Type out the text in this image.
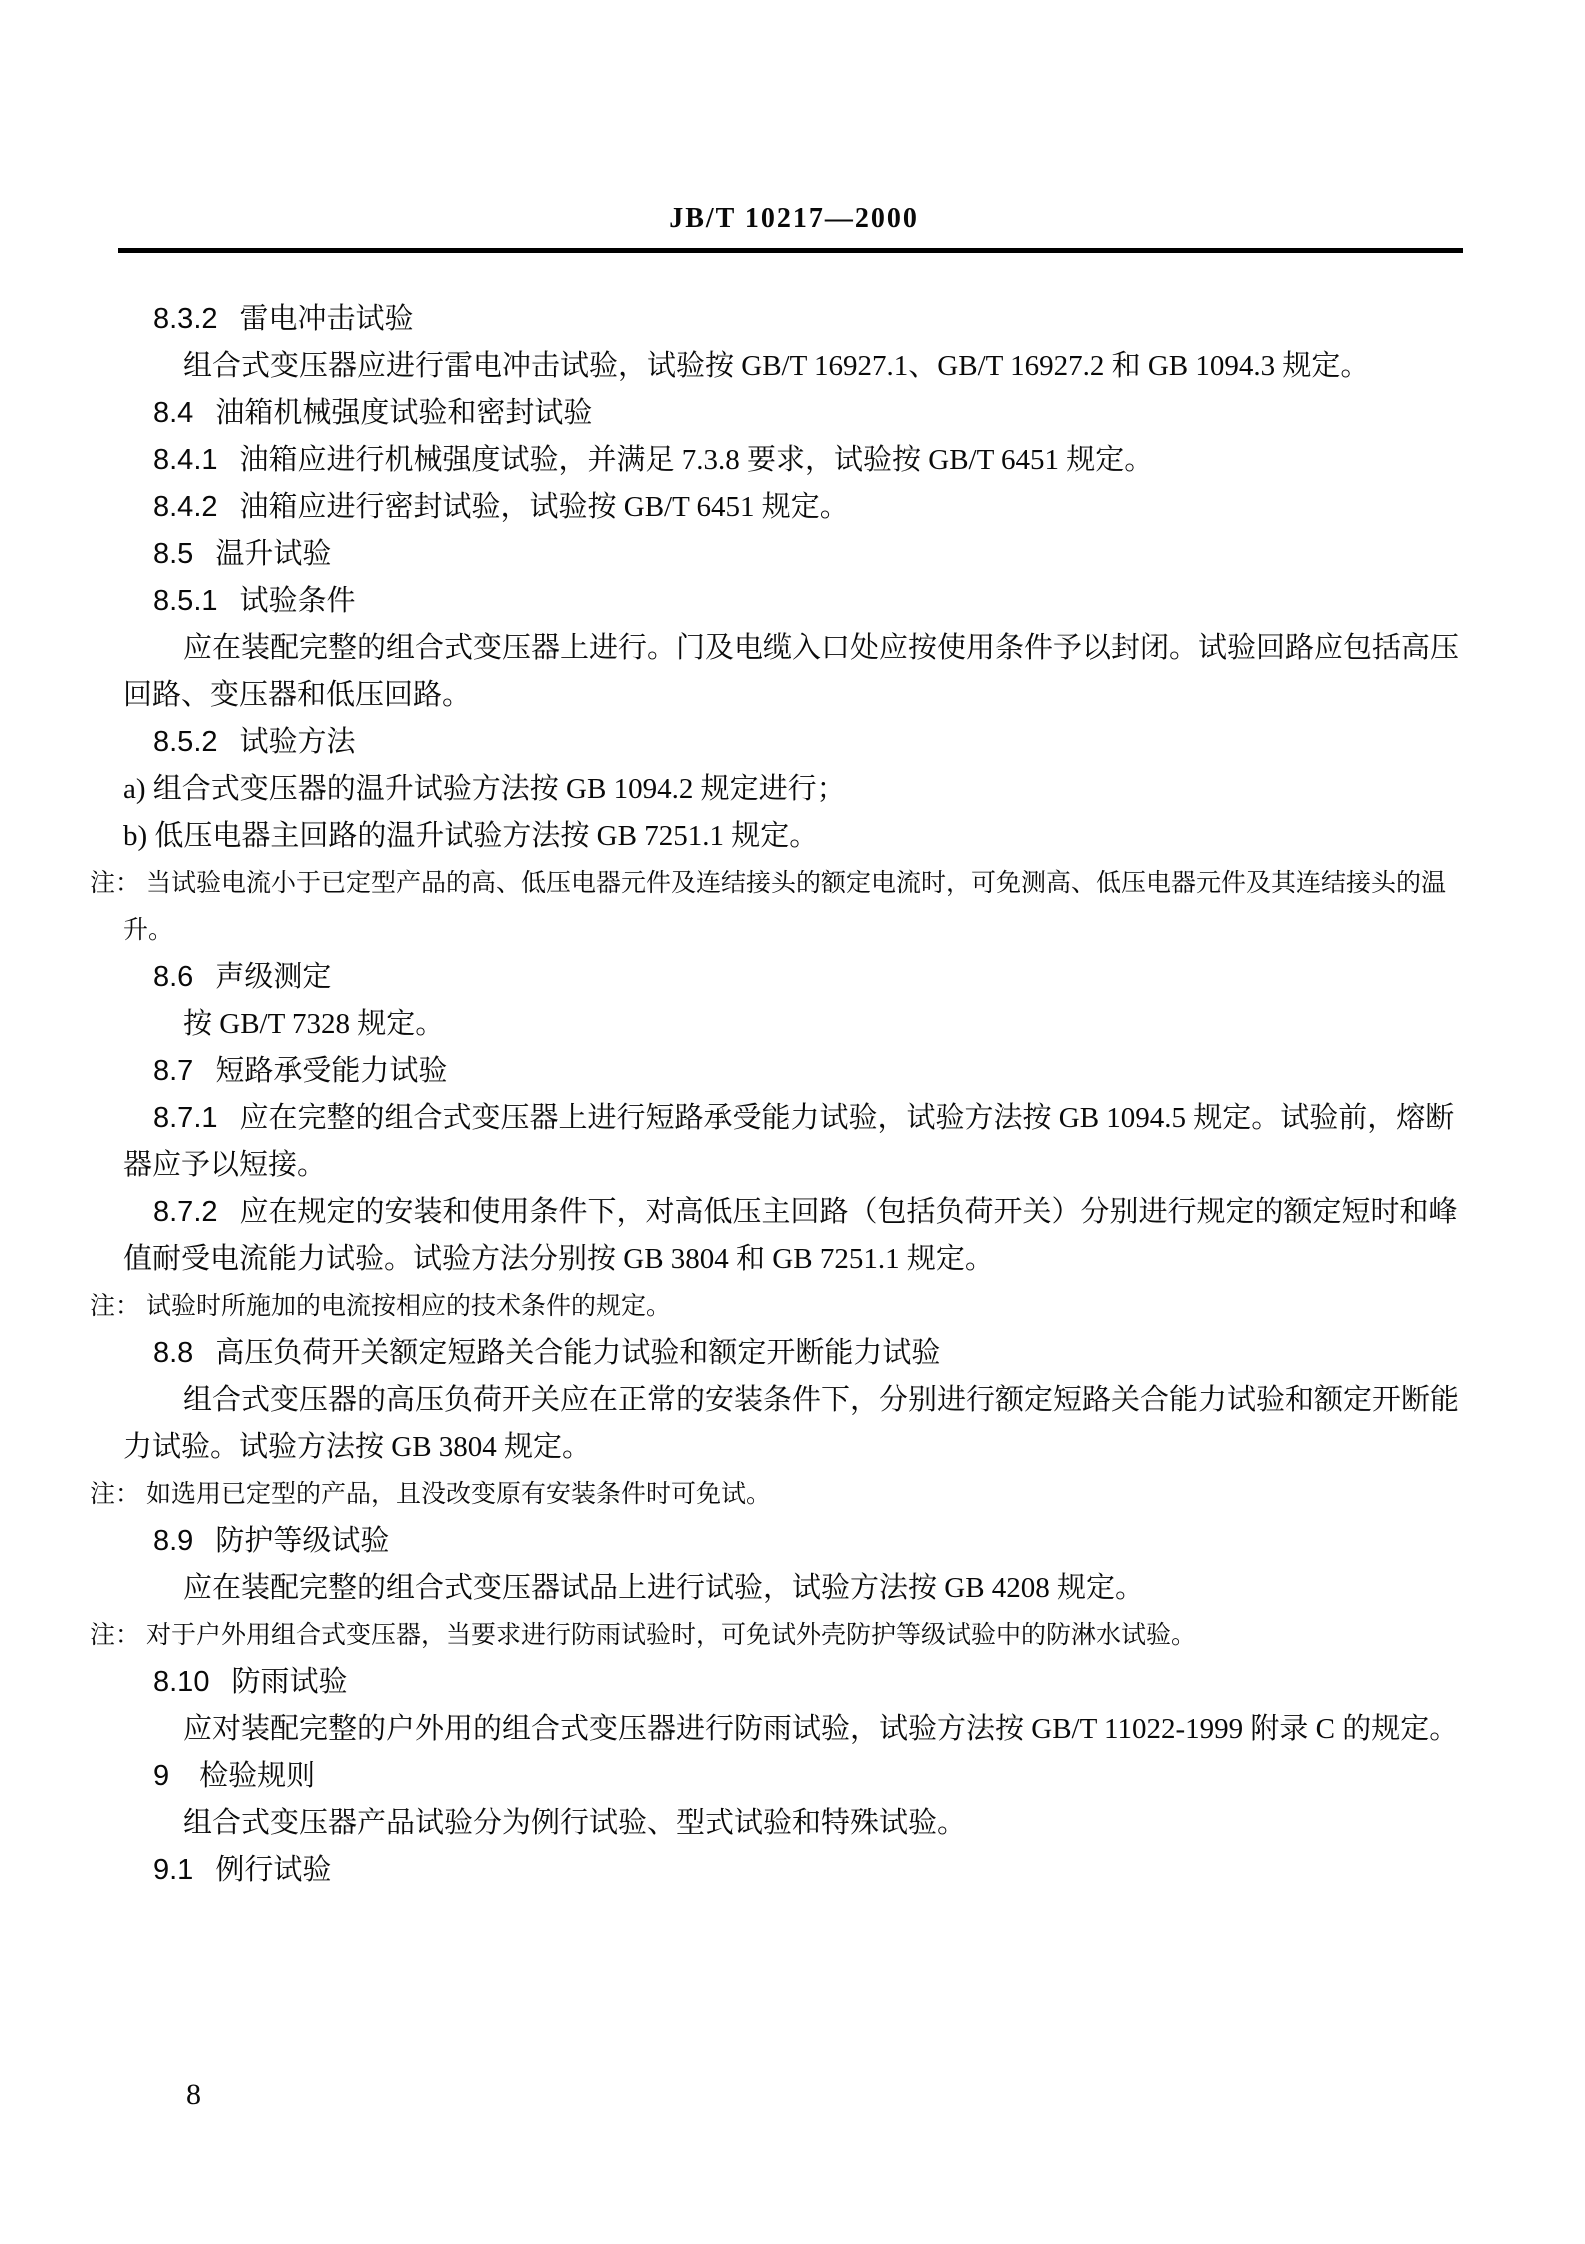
JB/T 10217—2000
8.3.2 雷电冲击试验
组合式变压器应进行雷电冲击试验，试验按 GB/T 16927.1、GB/T 16927.2 和 GB 1094.3 规定。
8.4 油箱机械强度试验和密封试验
8.4.1 油箱应进行机械强度试验，并满足 7.3.8 要求，试验按 GB/T 6451 规定。
8.4.2 油箱应进行密封试验，试验按 GB/T 6451 规定。
8.5 温升试验
8.5.1 试验条件
应在装配完整的组合式变压器上进行。门及电缆入口处应按使用条件予以封闭。试验回路应包括高压回路、变压器和低压回路。
8.5.2 试验方法
a) 组合式变压器的温升试验方法按 GB 1094.2 规定进行；
b) 低压电器主回路的温升试验方法按 GB 7251.1 规定。
注： 当试验电流小于已定型产品的高、低压电器元件及连结接头的额定电流时，可免测高、低压电器元件及其连结接头的温升。
8.6 声级测定
按 GB/T 7328 规定。
8.7 短路承受能力试验
8.7.1 应在完整的组合式变压器上进行短路承受能力试验，试验方法按 GB 1094.5 规定。试验前，熔断器应予以短接。
8.7.2 应在规定的安装和使用条件下，对高低压主回路（包括负荷开关）分别进行规定的额定短时和峰值耐受电流能力试验。试验方法分别按 GB 3804 和 GB 7251.1 规定。
注： 试验时所施加的电流按相应的技术条件的规定。
8.8 高压负荷开关额定短路关合能力试验和额定开断能力试验
组合式变压器的高压负荷开关应在正常的安装条件下，分别进行额定短路关合能力试验和额定开断能力试验。试验方法按 GB 3804 规定。
注： 如选用已定型的产品，且没改变原有安装条件时可免试。
8.9 防护等级试验
应在装配完整的组合式变压器试品上进行试验，试验方法按 GB 4208 规定。
注： 对于户外用组合式变压器，当要求进行防雨试验时，可免试外壳防护等级试验中的防淋水试验。
8.10 防雨试验
应对装配完整的户外用的组合式变压器进行防雨试验，试验方法按 GB/T 11022-1999 附录 C 的规定。
9 检验规则
组合式变压器产品试验分为例行试验、型式试验和特殊试验。
9.1 例行试验
8
